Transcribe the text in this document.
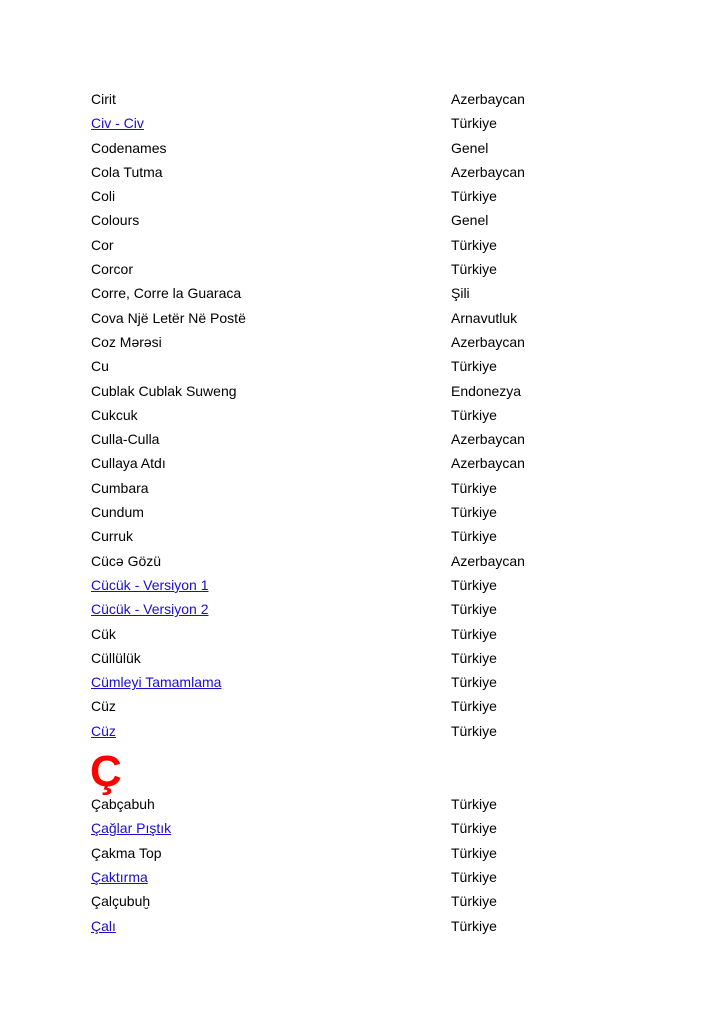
Cirit	Azerbaycan
Civ - Civ	Türkiye
Codenames	Genel
Cola Tutma	Azerbaycan
Coli	Türkiye
Colours	Genel
Cor	Türkiye
Corcor	Türkiye
Corre, Corre la Guaraca	Şili
Cova Një Letër Në Postë	Arnavutluk
Coz Mərəsi	Azerbaycan
Cu	Türkiye
Cublak Cublak Suweng	Endonezya
Cukcuk	Türkiye
Culla-Culla	Azerbaycan
Cullaya Atdı	Azerbaycan
Cumbara	Türkiye
Cundum	Türkiye
Curruk	Türkiye
Cücə Gözü	Azerbaycan
Cücük - Versiyon 1	Türkiye
Cücük - Versiyon 2	Türkiye
Cük	Türkiye
Cüllülük	Türkiye
Cümleyi Tamamlama	Türkiye
Cüz	Türkiye
Cüz	Türkiye
Ç
Çabçabuh	Türkiye
Çağlar Pıştık	Türkiye
Çakma Top	Türkiye
Çaktırma	Türkiye
Çalçubuḫ	Türkiye
Çalı	Türkiye
